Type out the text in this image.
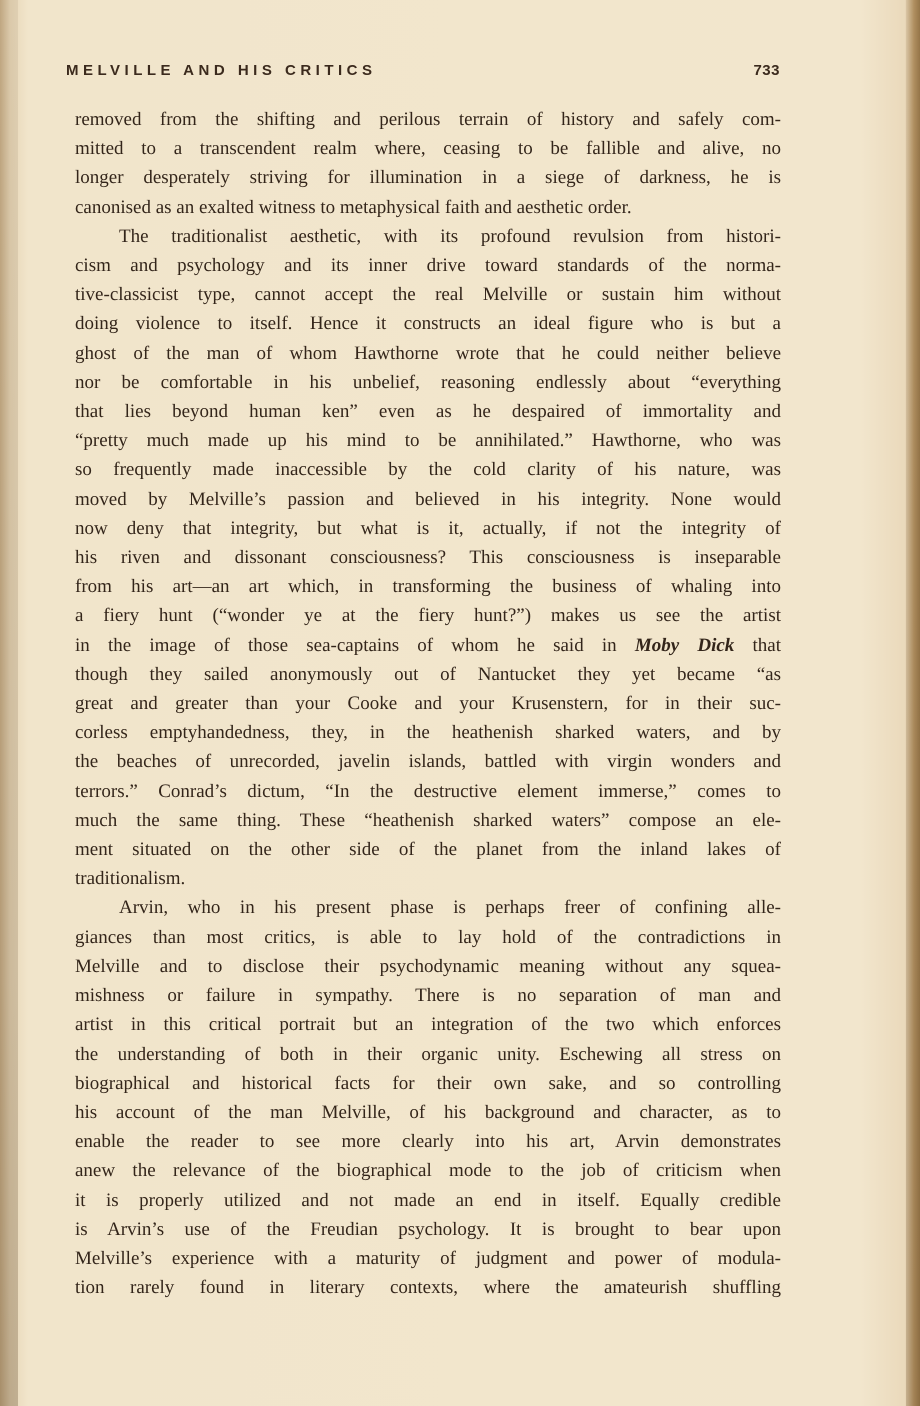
MELVILLE AND HIS CRITICS	733

removed from the shifting and perilous terrain of history and safely com-
mitted to a transcendent realm where, ceasing to be fallible and alive, no
longer desperately striving for illumination in a siege of darkness, he is
canonised as an exalted witness to metaphysical faith and aesthetic order.

The traditionalist aesthetic, with its profound revulsion from histori-
cism and psychology and its inner drive toward standards of the norma-
tive-classicist type, cannot accept the real Melville or sustain him without
doing violence to itself. Hence it constructs an ideal figure who is but a
ghost of the man of whom Hawthorne wrote that he could neither believe
nor be comfortable in his unbelief, reasoning endlessly about “everything
that lies beyond human ken” even as he despaired of immortality and
“pretty much made up his mind to be annihilated.” Hawthorne, who was
so frequently made inaccessible by the cold clarity of his nature, was
moved by Melville’s passion and believed in his integrity. None would
now deny that integrity, but what is it, actually, if not the integrity of
his riven and dissonant consciousness? This consciousness is inseparable
from his art—an art which, in transforming the business of whaling into
a fiery hunt (“wonder ye at the fiery hunt?”) makes us see the artist
in the image of those sea-captains of whom he said in Moby Dick that
though they sailed anonymously out of Nantucket they yet became “as
great and greater than your Cooke and your Krusenstern, for in their suc-
corless emptyhandedness, they, in the heathenish sharked waters, and by
the beaches of unrecorded, javelin islands, battled with virgin wonders and
terrors.” Conrad’s dictum, “In the destructive element immerse,” comes to
much the same thing. These “heathenish sharked waters” compose an ele-
ment situated on the other side of the planet from the inland lakes of
traditionalism.

Arvin, who in his present phase is perhaps freer of confining alle-
giances than most critics, is able to lay hold of the contradictions in
Melville and to disclose their psychodynamic meaning without any squea-
mishness or failure in sympathy. There is no separation of man and
artist in this critical portrait but an integration of the two which enforces
the understanding of both in their organic unity. Eschewing all stress on
biographical and historical facts for their own sake, and so controlling
his account of the man Melville, of his background and character, as to
enable the reader to see more clearly into his art, Arvin demonstrates
anew the relevance of the biographical mode to the job of criticism when
it is properly utilized and not made an end in itself. Equally credible
is Arvin’s use of the Freudian psychology. It is brought to bear upon
Melville’s experience with a maturity of judgment and power of modula-
tion rarely found in literary contexts, where the amateurish shuffling
